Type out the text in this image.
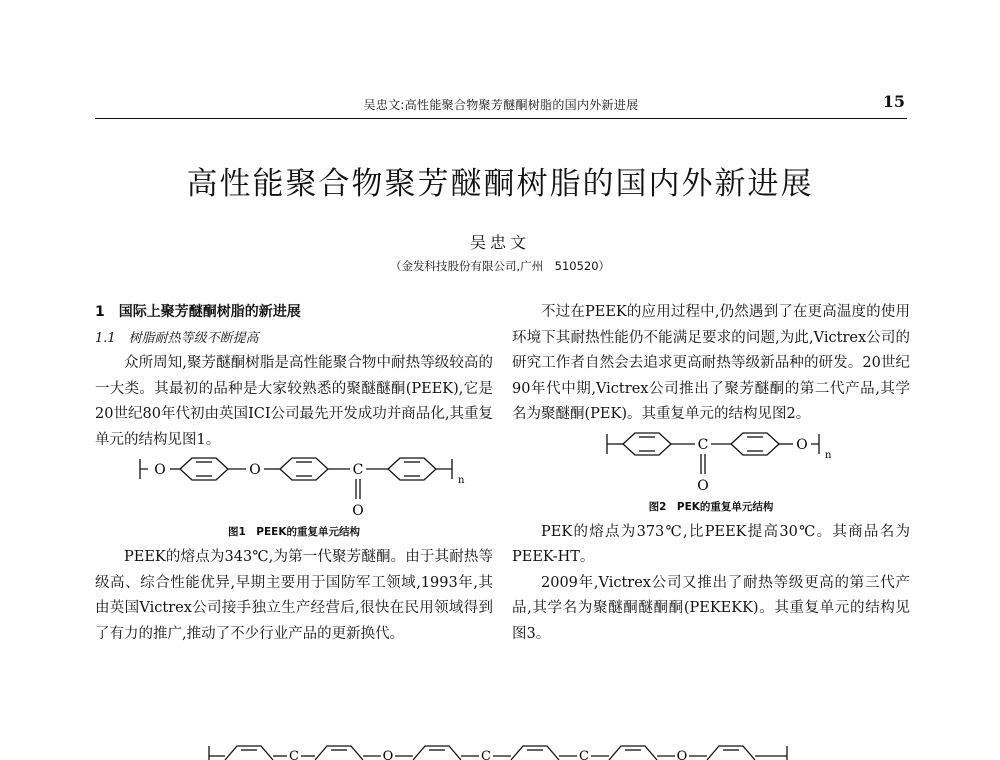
吴忠文:高性能聚合物聚芳醚酮树脂的国内外新进展	15
高性能聚合物聚芳醚酮树脂的国内外新进展
吴忠文
（金发科技股份有限公司,广州　510520）
1　国际上聚芳醚酮树脂的新进展
1.1　树脂耐热等级不断提高
众所周知,聚芳醚酮树脂是高性能聚合物中耐热等级较高的一大类。其最初的品种是大家较熟悉的聚醚醚酮(PEEK),它是20世纪80年代初由英国ICI公司最先开发成功并商品化,其重复单元的结构见图1。
O	O	C
O
n
图1　PEEK的重复单元结构
PEEK的熔点为343℃,为第一代聚芳醚酮。由于其耐热等级高、综合性能优异,早期主要用于国防军工领域,1993年,其由英国Victrex公司接手独立生产经营后,很快在民用领域得到了有力的推广,推动了不少行业产品的更新换代。
不过在PEEK的应用过程中,仍然遇到了在更高温度的使用环境下其耐热性能仍不能满足要求的问题,为此,Victrex公司的研究工作者自然会去追求更高耐热等级新品种的研发。20世纪90年代中期,Victrex公司推出了聚芳醚酮的第二代产品,其学名为聚醚酮(PEK)。其重复单元的结构见图2。
C	O
O
n
图2　PEK的重复单元结构
PEK的熔点为373℃,比PEEK提高30℃。其商品名为PEEK-HT。
2009年,Victrex公司又推出了耐热等级更高的第三代产品,其学名为聚醚酮醚酮酮(PEKEKK)。其重复单元的结构见图3。
C	O	C	C	O
